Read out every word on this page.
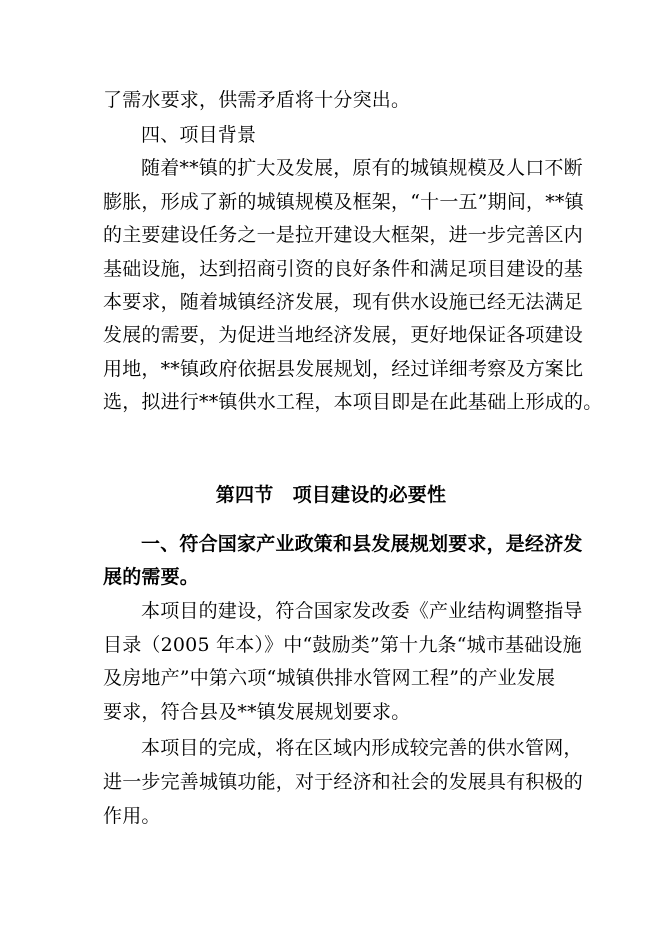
了需水要求，供需矛盾将十分突出。
四、项目背景
随着**镇的扩大及发展，原有的城镇规模及人口不断
膨胀，形成了新的城镇规模及框架，“十一五”期间，**镇
的主要建设任务之一是拉开建设大框架，进一步完善区内
基础设施，达到招商引资的良好条件和满足项目建设的基
本要求，随着城镇经济发展，现有供水设施已经无法满足
发展的需要，为促进当地经济发展，更好地保证各项建设
用地，**镇政府依据县发展规划，经过详细考察及方案比
选，拟进行**镇供水工程，本项目即是在此基础上形成的。
第四节　项目建设的必要性
一、符合国家产业政策和县发展规划要求，是经济发
展的需要。
本项目的建设，符合国家发改委《产业结构调整指导
目录（2005 年本）》中“鼓励类”第十九条“城市基础设施
及房地产”中第六项“城镇供排水管网工程”的产业发展
要求，符合县及**镇发展规划要求。
本项目的完成，将在区域内形成较完善的供水管网，
进一步完善城镇功能，对于经济和社会的发展具有积极的
作用。
